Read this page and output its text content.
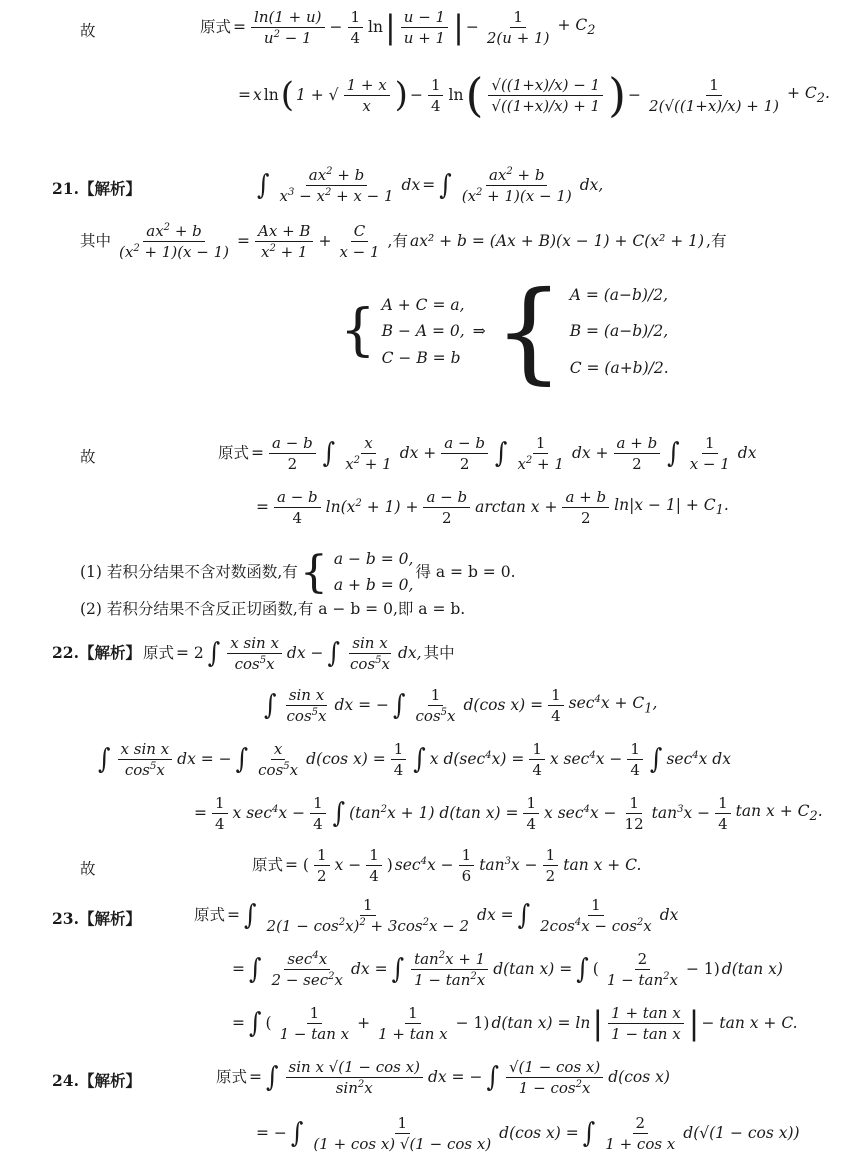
故	原式 = $\frac{\ln(1 + u)}{u^2 - 1} - \frac{1}{4}$ ln | $\frac{u - 1}{u + 1}$ | − $\frac{1}{2(u + 1)} + C_2$
= x ln ( 1 + √ $\frac{1 + x}{x}$ ) − $\frac{1}{4}$ ln ( $\frac{√((1+x)/x) - 1}{√((1+x)/x) + 1}$ ) − $\frac{1}{2(√((1+x)/x) + 1)} + C_2$.
21.【解析】	∫ $\frac{ax^2 + b}{x^3 - x^2 + x - 1}$ dx = ∫ $\frac{ax^2 + b}{(x^2 + 1)(x - 1)}$ dx,
其中 $\frac{ax^2 + b}{(x^2 + 1)(x - 1)} = \frac{Ax + B}{x^2 + 1} + \frac{C}{x - 1}$ ,有 ax² + b = (Ax + B)(x − 1) + C(x² + 1) ,有
{ A + C = a,
B − A = 0,
C − B = b
⇒ { A = (a−b)/2,
B = (a−b)/2,
C = (a+b)/2.
故	原式 = $\frac{a - b}{2}$ ∫ $\frac{x}{x^2 + 1}$ dx + $\frac{a - b}{2}$ ∫ $\frac{1}{x^2 + 1}$ dx + $\frac{a + b}{2}$ ∫ $\frac{1}{x - 1}$ dx
= $\frac{a - b}{4} \ln(x^2 + 1) + \frac{a - b}{2}$ $\arctan x + \frac{a + b}{2} \ln|x - 1| + C_1$.
(1) 若积分结果不含对数函数,有 { a − b = 0,
a + b = 0,
得 a = b = 0.
(2) 若积分结果不含反正切函数,有 a − b = 0,即 a = b.
22.【解析】 原式 = 2 ∫ $\frac{\text{x sin x}}{\cos^5x}$ dx − ∫ $\frac{\text{sin x}}{\cos^5x}$ dx, 其中
∫ $\frac{\text{sin x}}{\cos^5x}$ dx = − ∫ $\frac{1}{\cos^5x} d(\cos$ $x) = \frac{1}{4} \sec^4x + C_1$,
∫ $\frac{\text{x sin x}}{\cos^5x}$ dx = − ∫ $\frac{x}{\cos^5x} d(\cos$ $x) = \frac{1}{4}$ ∫ x $d(\sec^4x) = \frac{1}{4}$ x $\sec^4x - \frac{1}{4}$ ∫ $\sec^4x$ dx
= $\frac{1}{4}$ x $\sec^4x - \frac{1}{4}$ ∫ $(\tan^2x + 1)$ d(tan $x) = \frac{1}{4}$ x $\sec^4x - \frac{1}{12} \tan^3x - \frac{1}{4}$ $\tan x + C_2$.
故	原式 = ( $\frac{1}{2}$ $x - \frac{1}{4}$ ) $\sec^4x - \frac{1}{6} \tan^3x - \frac{1}{2}$ tan x + C.
23.【解析】	原式 = ∫ $\frac{1}{2(1 - \cos^2x)^2 + 3\cos^2x - 2}$ dx = ∫ $\frac{1}{2\cos^4x - \cos^2x}$ dx
= ∫ $\frac{\sec^4x}{2 - \sec^2x}$ dx = ∫ $\frac{\tan^2x + 1}{1 - \tan^2x} d(\tan$ x) = ∫ ( $\frac{2}{1 - \tan^2x} - 1$) d(tan x)
= ∫ ( $\frac{1}{\text{1 − tan x}} + \frac{1}{\text{1 + tan x}} - 1$) d(tan x) = ln | $\frac{\text{1 + tan x}}{\text{1 − tan x}}$ | − tan x + C.
24.【解析】	原式 = ∫ $\frac{\text{sin x √(1 − cos x)}}{\sin^2x}$ dx = − ∫ $\frac{\text{√(1 − cos x)}}{1 - \cos^2x} d(\cos$ x)
= − ∫ $\frac{1}{\text{(1 + cos x) √(1 − cos x)}} d(\cos$ x) = ∫ $\frac{2}{\text{1 + cos x}} d(√(1 - \cos x))$
